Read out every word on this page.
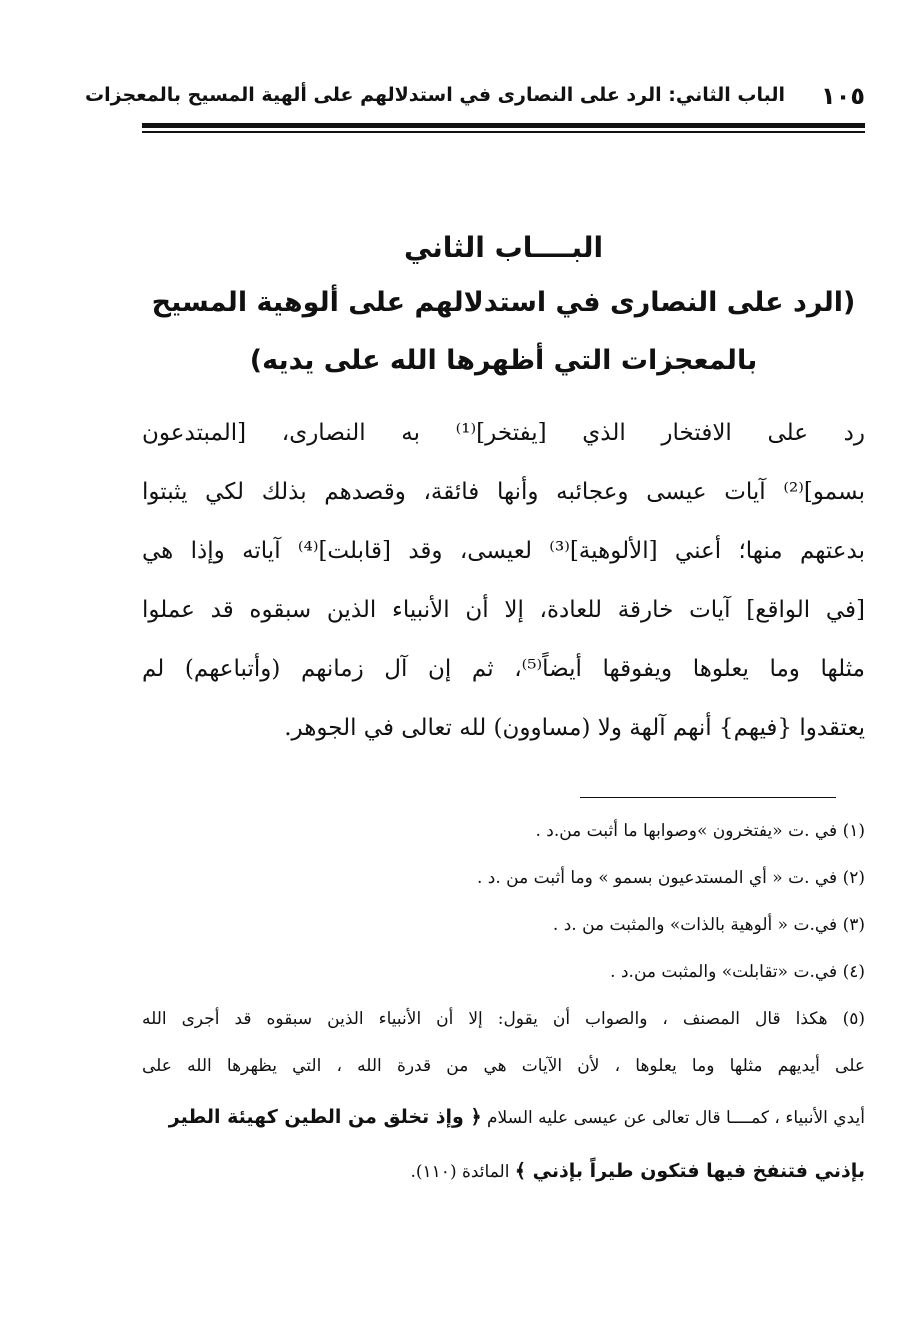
١٠٥
الباب الثاني: الرد على النصارى في استدلالهم على ألهية المسيح بالمعجزات

البــــاب الثاني

(الرد على النصارى في استدلالهم على ألوهية المسيح

بالمعجزات التي أظهرها الله على يديه)

رد على الافتخار الذي [يفتخر]⁽¹⁾ به النصارى، [المبتدعون
بسمو]⁽²⁾ آيات عيسى وعجائبه وأنها فائقة، وقصدهم بذلك لكي يثبتوا
بدعتهم منها؛ أعني [الألوهية]⁽³⁾ لعيسى، وقد [قابلت]⁽⁴⁾ آياته وإذا هي
[في الواقع] آيات خارقة للعادة، إلا أن الأنبياء الذين سبقوه قد عملوا
مثلها وما يعلوها ويفوقها أيضاً⁽⁵⁾، ثم إن آل زمانهم (وأتباعهم) لم
يعتقدوا {فيهم} أنهم آلهة ولا (مساوون) لله تعالى في الجوهر.
(١) في .ت «يفتخرون »وصوابها ما أثبت من.د .
(٢) في .ت « أي المستدعيون بسمو » وما أثبت من .د .
(٣) في.ت « ألوهية بالذات» والمثبت من .د .
(٤) في.ت «تقابلت» والمثبت من.د .
(٥) هكذا قال المصنف ، والصواب أن يقول: إلا أن الأنبياء الذين سبقوه قد أجرى الله
على أيديهم مثلها وما يعلوها ، لأن الآيات هي من قدرة الله ، التي يظهرها الله على
أيدي الأنبياء ، كمــــا قال تعالى عن عيسى عليه السلام ﴿ وإذ تخلق من الطين كهيئة الطير
بإذني فتنفخ فيها فتكون طيراً بإذني ﴾ المائدة (١١٠).
